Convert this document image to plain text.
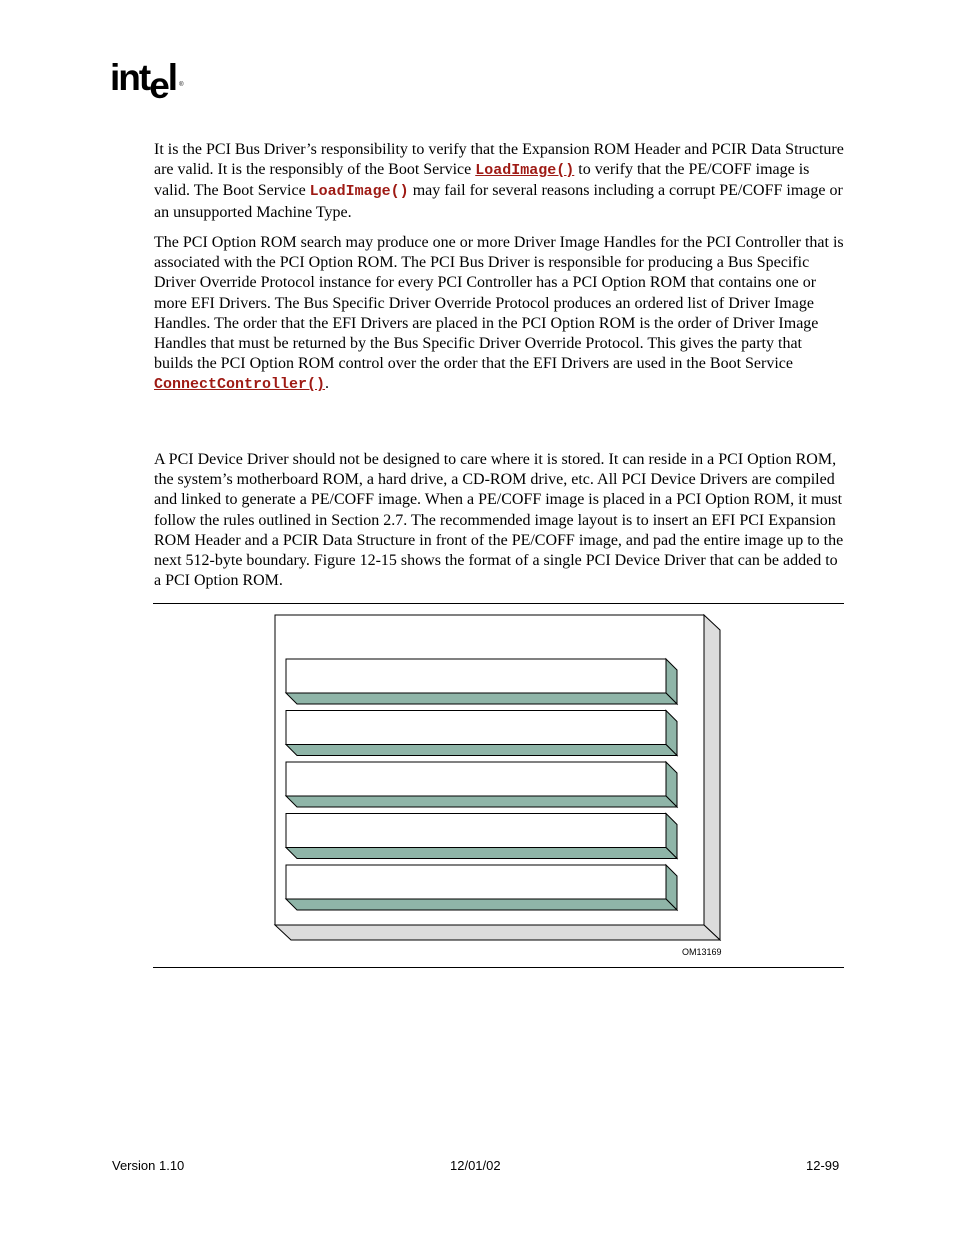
intel ®

It is the PCI Bus Driver’s responsibility to verify that the Expansion ROM Header and PCIR Data Structure are valid. It is the responsibly of the Boot Service LoadImage() to verify that the PE/COFF image is valid. The Boot Service LoadImage() may fail for several reasons including a corrupt PE/COFF image or an unsupported Machine Type.

The PCI Option ROM search may produce one or more Driver Image Handles for the PCI Controller that is associated with the PCI Option ROM. The PCI Bus Driver is responsible for producing a Bus Specific Driver Override Protocol instance for every PCI Controller has a PCI Option ROM that contains one or more EFI Drivers. The Bus Specific Driver Override Protocol produces an ordered list of Driver Image Handles. The order that the EFI Drivers are placed in the PCI Option ROM is the order of Driver Image Handles that must be returned by the Bus Specific Driver Override Protocol. This gives the party that builds the PCI Option ROM control over the order that the EFI Drivers are used in the Boot Service ConnectController().

A PCI Device Driver should not be designed to care where it is stored. It can reside in a PCI Option ROM, the system’s motherboard ROM, a hard drive, a CD-ROM drive, etc. All PCI Device Drivers are compiled and linked to generate a PE/COFF image. When a PE/COFF image is placed in a PCI Option ROM, it must follow the rules outlined in Section 2.7. The recommended image layout is to insert an EFI PCI Expansion ROM Header and a PCIR Data Structure in front of the PE/COFF image, and pad the entire image up to the next 512-byte boundary. Figure 12-15 shows the format of a single PCI Device Driver that can be added to a PCI Option ROM.

OM13169
Version 1.10	12/01/02	12-99
